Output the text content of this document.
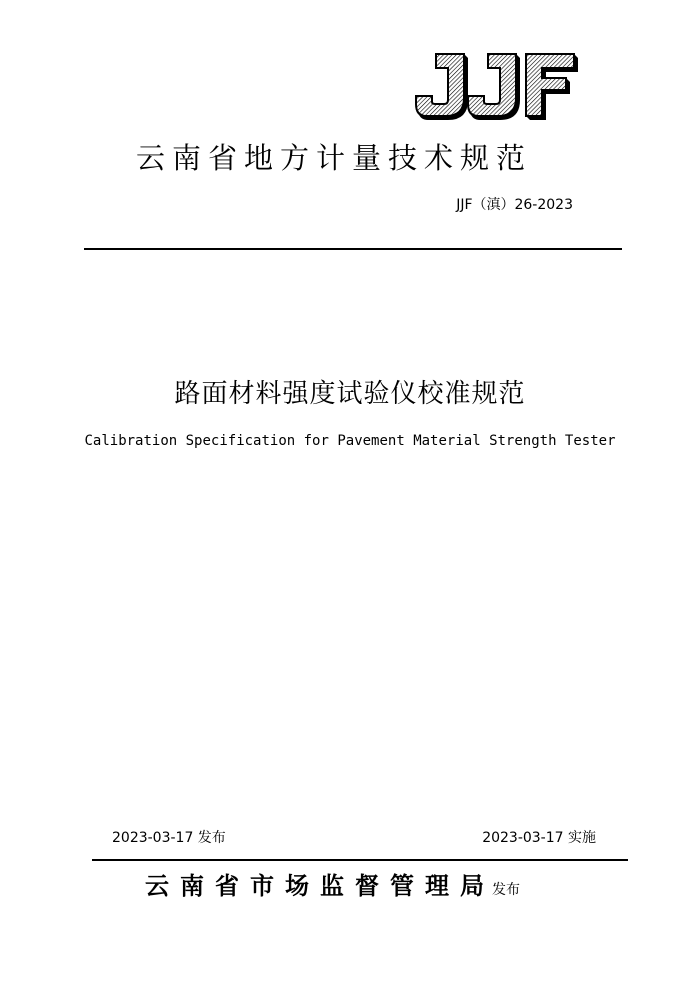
云南省地方计量技术规范
JJF（滇）26-2023
路面材料强度试验仪校准规范
Calibration Specification for Pavement Material Strength Tester
2023-03-17 发布	2023-03-17 实施
云南省市场监督管理局发布
